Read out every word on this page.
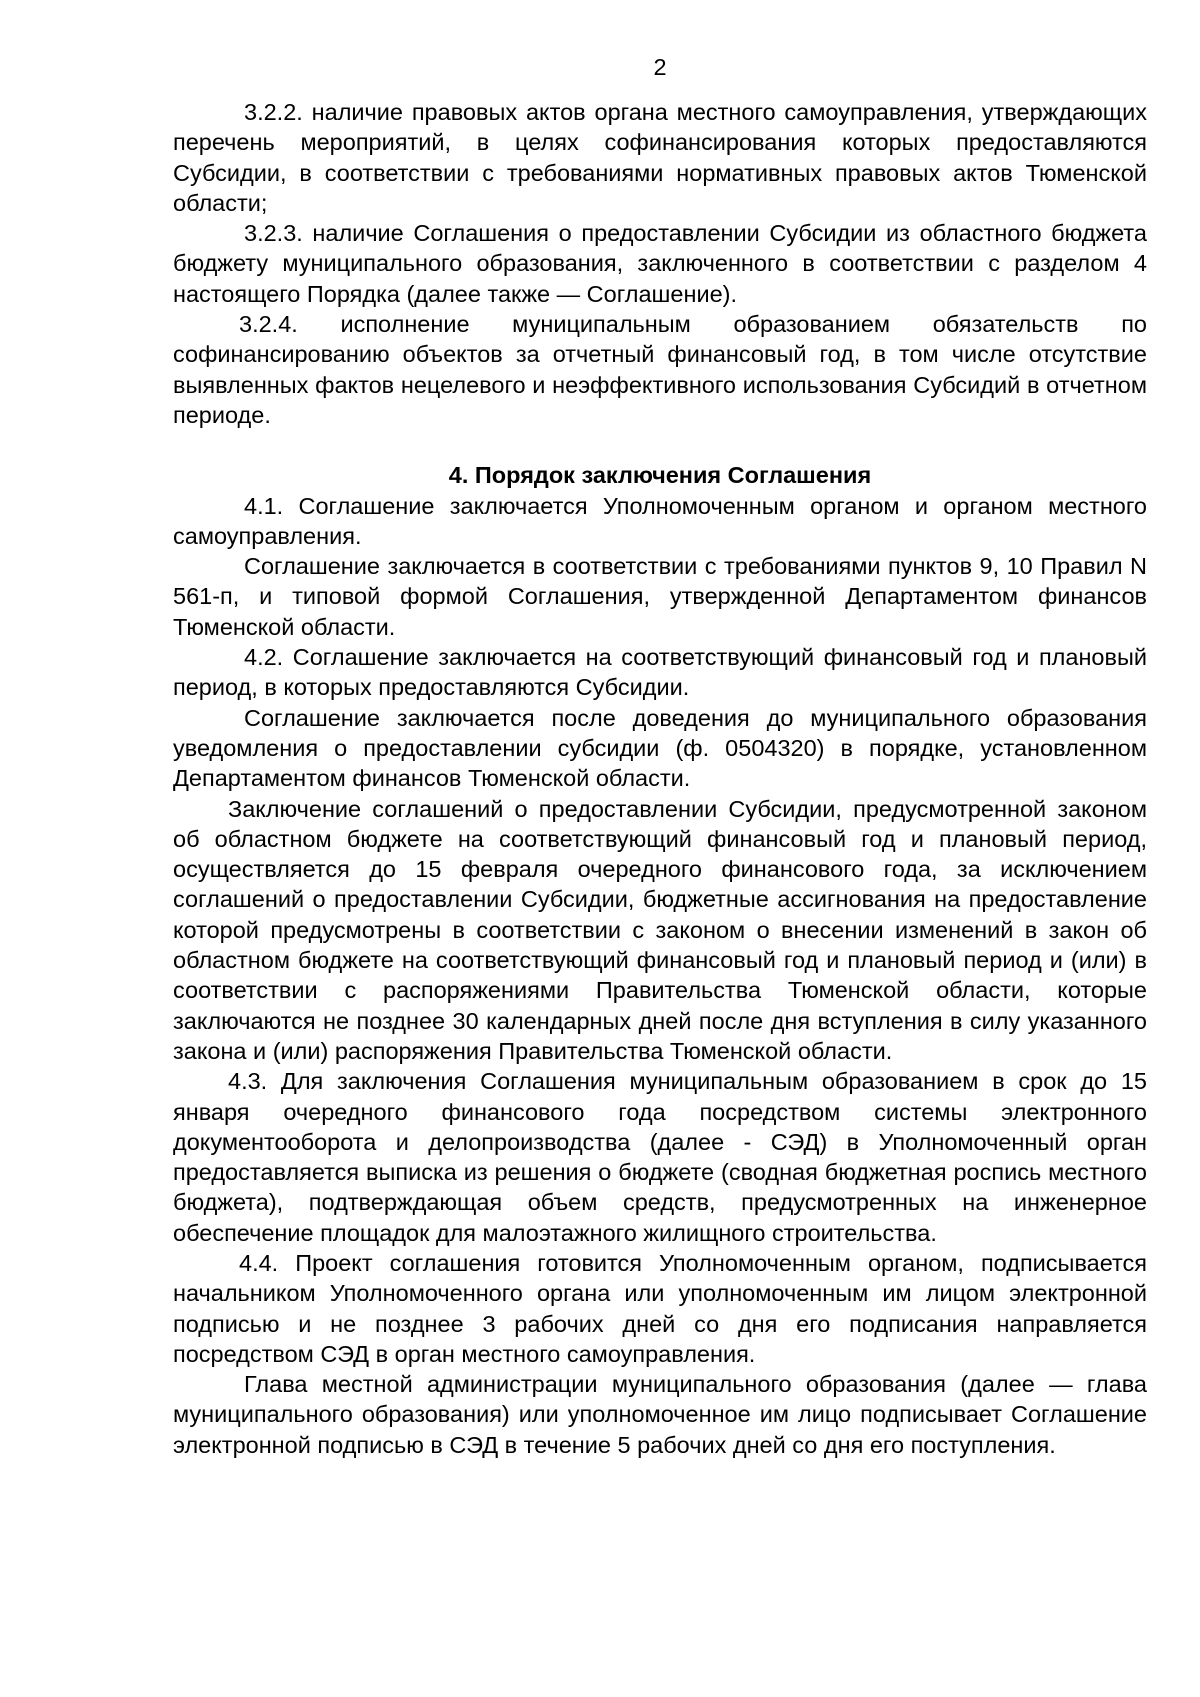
2

3.2.2. наличие правовых актов органа местного самоуправления, утверждающих перечень мероприятий, в целях софинансирования которых предоставляются Субсидии, в соответствии с требованиями нормативных правовых актов Тюменской области;

3.2.3. наличие Соглашения о предоставлении Субсидии из областного бюджета бюджету муниципального образования, заключенного в соответствии с разделом 4 настоящего Порядка (далее также — Соглашение).

3.2.4. исполнение муниципальным образованием обязательств по софинансированию объектов за отчетный финансовый год, в том числе отсутствие выявленных фактов нецелевого и неэффективного использования Субсидий в отчетном периоде.

4. Порядок заключения Соглашения

4.1. Соглашение заключается Уполномоченным органом и органом местного самоуправления.

Соглашение заключается в соответствии с требованиями пунктов 9, 10 Правил N 561-п, и типовой формой Соглашения, утвержденной Департаментом финансов Тюменской области.

4.2. Соглашение заключается на соответствующий финансовый год и плановый период, в которых предоставляются Субсидии.

Соглашение заключается после доведения до муниципального образования уведомления о предоставлении субсидии (ф. 0504320) в порядке, установленном Департаментом финансов Тюменской области.

Заключение соглашений о предоставлении Субсидии, предусмотренной законом об областном бюджете на соответствующий финансовый год и плановый период, осуществляется до 15 февраля очередного финансового года, за исключением соглашений о предоставлении Субсидии, бюджетные ассигнования на предоставление которой предусмотрены в соответствии с законом о внесении изменений в закон об областном бюджете на соответствующий финансовый год и плановый период и (или) в соответствии с распоряжениями Правительства Тюменской области, которые заключаются не позднее 30 календарных дней после дня вступления в силу указанного закона и (или) распоряжения Правительства Тюменской области.

4.3. Для заключения Соглашения муниципальным образованием в срок до 15 января очередного финансового года посредством системы электронного документооборота и делопроизводства (далее - СЭД) в Уполномоченный орган предоставляется выписка из решения о бюджете (сводная бюджетная роспись местного бюджета), подтверждающая объем средств, предусмотренных на инженерное обеспечение площадок для малоэтажного жилищного строительства.

4.4. Проект соглашения готовится Уполномоченным органом, подписывается начальником Уполномоченного органа или уполномоченным им лицом электронной подписью и не позднее 3 рабочих дней со дня его подписания направляется посредством СЭД в орган местного самоуправления.

Глава местной администрации муниципального образования (далее — глава муниципального образования) или уполномоченное им лицо подписывает Соглашение электронной подписью в СЭД в течение 5 рабочих дней со дня его поступления.
